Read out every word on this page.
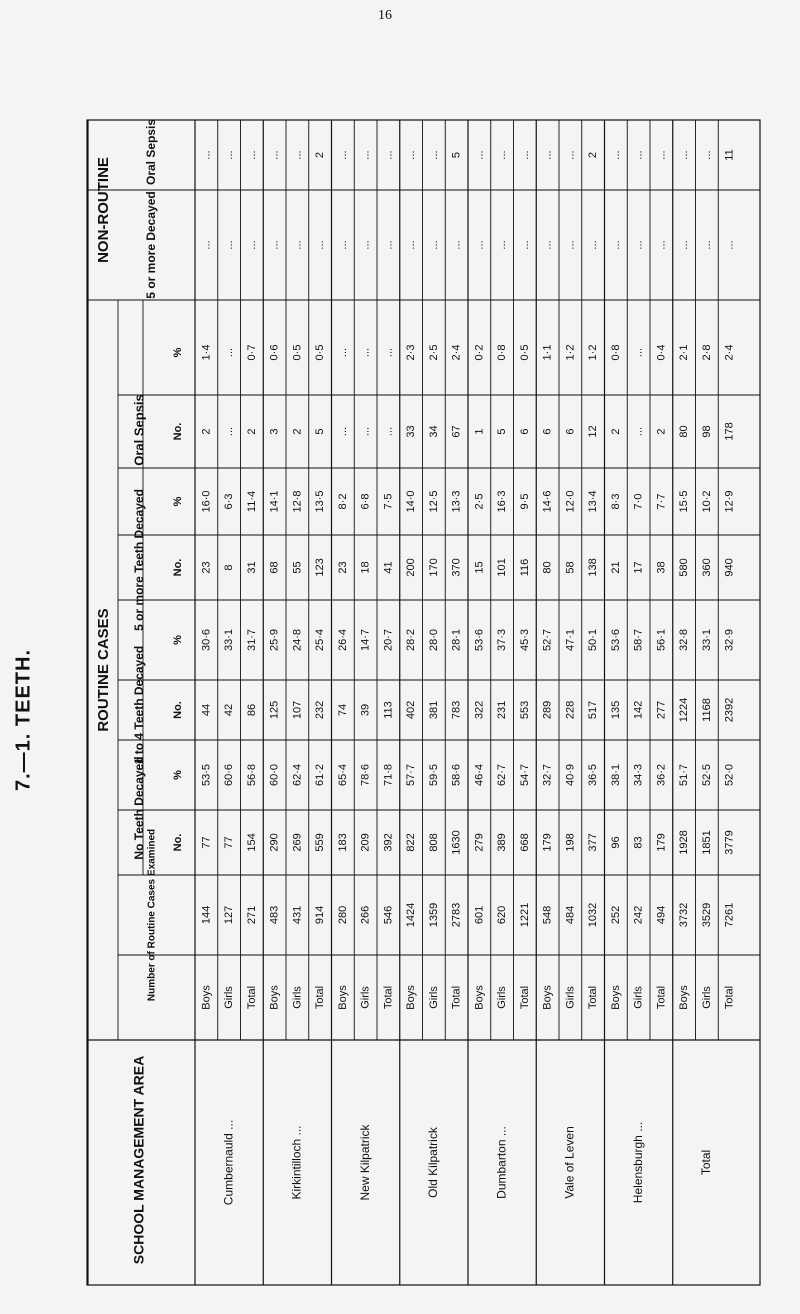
16
7.—1. TEETH.
NON-ROUTINE
ROUTINE CASES
SCHOOL MANAGEMENT AREA
Oral Sepsis
5 or more Decayed
Oral Sepsis
5 or more Teeth Decayed
1 to 4 Teeth Decayed
No Teeth Decayed
Number of Routine Cases Examined
%
No.
%
No.
%
No.
%
No.
Cumbernauld ...
Boys
144
77
53·5
44
30·6
23
16·0
2
1·4
...
...
Girls
127
77
60·6
42
33·1
8
6·3
...
...
...
...
Total
271
154
56·8
86
31·7
31
11·4
2
0·7
...
...
Kirkintilloch ...
Boys
483
290
60·0
125
25·9
68
14·1
3
0·6
...
...
Girls
431
269
62·4
107
24·8
55
12·8
2
0·5
...
...
Total
914
559
61·2
232
25·4
123
13·5
5
0·5
...
2
New Kilpatrick
Boys
280
183
65·4
74
26·4
23
8·2
...
...
...
...
Girls
266
209
78·6
39
14·7
18
6·8
...
...
...
...
Total
546
392
71·8
113
20·7
41
7·5
...
...
...
...
Old Kilpatrick
Boys
1424
822
57·7
402
28·2
200
14·0
33
2·3
...
...
Girls
1359
808
59·5
381
28·0
170
12·5
34
2·5
...
...
Total
2783
1630
58·6
783
28·1
370
13·3
67
2·4
...
5
Dumbarton ...
Boys
601
279
46·4
322
53·6
15
2·5
1
0·2
...
...
Girls
620
389
62·7
231
37·3
101
16·3
5
0·8
...
...
Total
1221
668
54·7
553
45·3
116
9·5
6
0·5
...
...
Vale of Leven
Boys
548
179
32·7
289
52·7
80
14·6
6
1·1
...
...
Girls
484
198
40·9
228
47·1
58
12·0
6
1·2
...
...
Total
1032
377
36·5
517
50·1
138
13·4
12
1·2
...
2
Helensburgh ...
Boys
252
96
38·1
135
53·6
21
8·3
2
0·8
...
...
Girls
242
83
34·3
142
58·7
17
7·0
...
...
...
...
Total
494
179
36·2
277
56·1
38
7·7
2
0·4
...
...
Total
Boys
3732
1928
51·7
1224
32·8
580
15·5
80
2·1
...
...
Girls
3529
1851
52·5
1168
33·1
360
10·2
98
2·8
...
...
Total
7261
3779
52·0
2392
32·9
940
12·9
178
2·4
...
11
